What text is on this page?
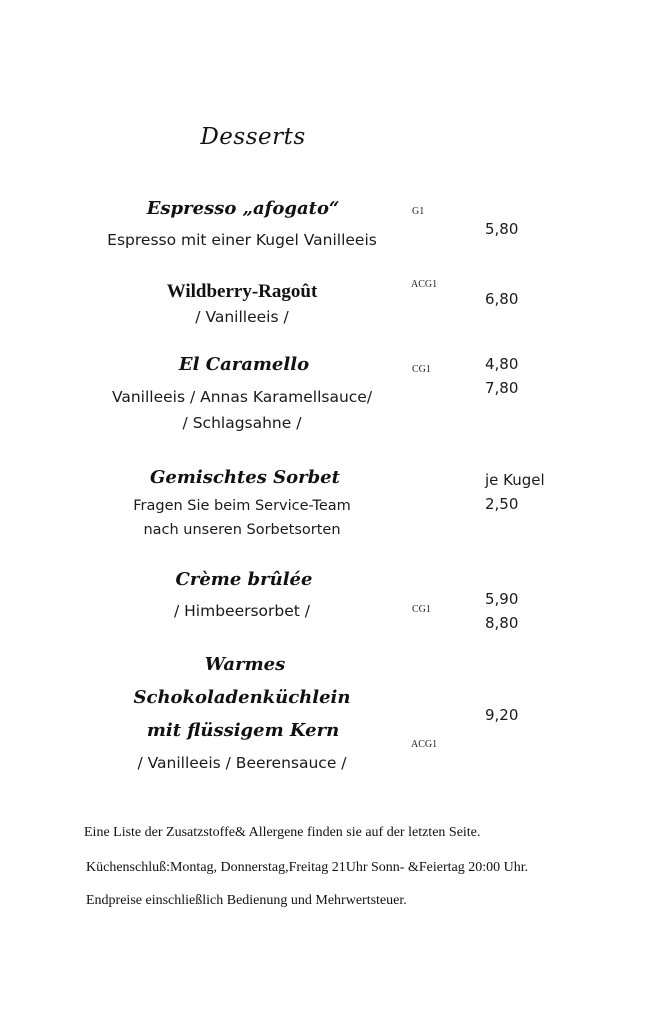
Desserts
Espresso „afogato“
Espresso mit einer Kugel Vanilleeis
G1
5,80
Wildberry-Ragoût
/ Vanilleeis /
ACG1
6,80
El Caramello
Vanilleeis / Annas Karamellsauce/
/ Schlagsahne /
CG1	4,80
7,80
Gemischtes Sorbet
Fragen Sie beim Service-Team
nach unseren Sorbetsorten
je Kugel
2,50
Crème brûlée
/ Himbeersorbet /	CG1
5,90
8,80
Warmes
Schokoladenküchlein
mit flüssigem Kern
/ Vanilleeis / Beerensauce /
ACG1
9,20
Eine Liste der Zusatzstoffe& Allergene finden sie auf der letzten Seite.
Küchenschluß:Montag, Donnerstag,Freitag 21Uhr Sonn- &Feiertag 20:00 Uhr.
Endpreise einschließlich Bedienung und Mehrwertsteuer.
